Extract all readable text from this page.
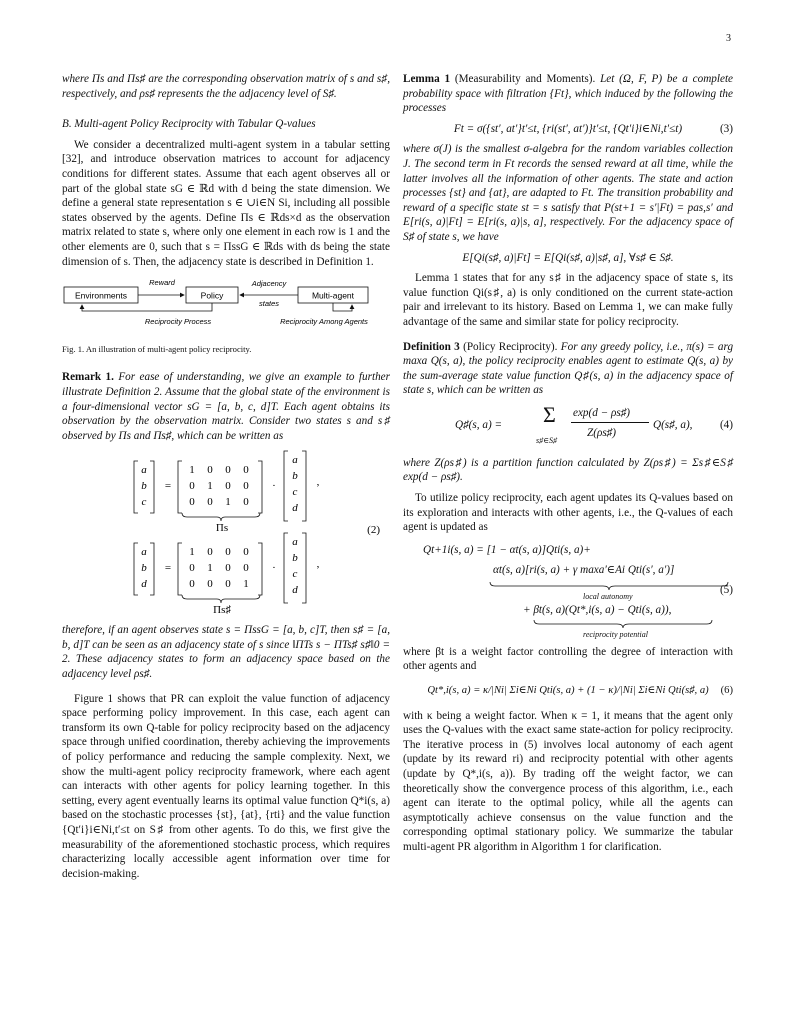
3

where Πs and Πs♯ are the corresponding observation matrix of s and s♯, respectively, and ρs♯ represents the the adjacency level of S♯.

B. Multi-agent Policy Reciprocity with Tabular Q-values

We consider a decentralized multi-agent system in a tabular setting [32], and introduce observation matrices to account for adjacency conditions for different states. Assume that each agent observes all or part of the global state sG ∈ ℝd with d being the state dimension. We define a general state representation s ∈ ∪i∈N Si, including all possible states observed by the agents. Define Πs ∈ ℝds×d as the observation matrix related to state s, where only one element in each row is 1 and the other elements are 0, such that s = ΠssG ∈ ℝds with ds being the state dimension of s. Then, the adjacency state is described in Definition 1.

Environments	Policy	Multi-agent
Reward	Adjacency
states
Reciprocity Process	Reciprocity Among Agents

Fig. 1. An illustration of multi-agent policy reciprocity.

Remark 1. For ease of understanding, we give an example to further illustrate Definition 2. Assume that the global state of the environment is a four-dimensional vector sG = [a, b, c, d]T. Each agent obtains its observation by the observation matrix. Consider two states s and s♯ observed by Πs and Πs♯, which can be written as

a
b
c
=
1 0 0 0
0 1 0 0
0 0 1 0
·
a
b
c
d
,
Πs
a
b
d
=
1 0 0 0
0 1 0 0
0 0 0 1
·
a
b
c
d
,
Πs♯
(2)

therefore, if an agent observes state s = ΠssG = [a, b, c]T, then s♯ = [a, b, d]T can be seen as an adjacency state of s since ‖ΠTs s − ΠTs♯ s♯‖0 = 2. These adjacency states to form an adjacency space based on the adjacency level ρs♯.

Figure 1 shows that PR can exploit the value function of adjacency space performing policy improvement. In this case, each agent can transform its own Q-table for policy reciprocity based on the adjacency space through unified coordination, thereby achieving the improvements of policy performance and reducing the sample complexity. Next, we show the multi-agent policy reciprocity framework, where each agent can interacts with other agents for policy learning together. In this setting, every agent eventually learns its optimal value function Q*i(s, a) based on the stochastic processes {st}, {at}, {rti} and the value function {Qt′i}i∈Ni,t′≤t on S♯ from other agents. To do this, we first give the measurability of the aforementioned stochastic process, which requires characterizing locally accessible agent information over time for decision-making.

Lemma 1 (Measurability and Moments). Let (Ω, F, P) be a complete probability space with filtration {Ft}, which induced by the following the processes

Ft = σ({st′, at′}t′≤t, {ri(st′, at′)}t′≤t, {Qt′i}i∈Ni,t′≤t)	(3)

where σ(J) is the smallest σ-algebra for the random variables collection J. The second term in Ft records the sensed reward at all time, while the latter involves all the information of other agents. The state and action processes {st} and {at}, are adapted to Ft. The transition probability and reward of a specific state st = s satisfy that P(st+1 = s′|Ft) = pas,s′ and E[ri(s, a)|Ft] = E[ri(s, a)|s, a], respectively. For the adjacency space of S♯ of state s, we have

E[Qi(s♯, a)|Ft] = E[Qi(s♯, a)|s♯, a], ∀s♯ ∈ S♯.

Lemma 1 states that for any s♯ in the adjacency space of state s, its value function Qi(s♯, a) is only conditioned on the current state-action pair and irrelevant to its history. Based on Lemma 1, we can make fully advantage of the same and similar state for policy reciprocity.

Definition 3 (Policy Reciprocity). For any greedy policy, i.e., π(s) = arg maxa Q(s, a), the policy reciprocity enables agent to estimate Q(s, a) by the sum-average state value function Q♯(s, a) in the adjacency space of state s, which can be written as

Q♯(s, a) = Σ
s♯∈S♯
exp(d − ρs♯)
Z(ρs♯)
Q(s♯, a), (4)

where Z(ρs♯) is a partition function calculated by Z(ρs♯) = Σs♯∈S♯ exp(d − ρs♯).

To utilize policy reciprocity, each agent updates its Q-values based on its exploration and interacts with other agents, i.e., the Q-values of each agent is updated as

Qt+1i(s, a) = [1 − αt(s, a)]Qti(s, a)+
αt(s, a)[ri(s, a) + γ maxa′∈Ai Qti(s′, a′)]
local autonomy
+ βt(s, a)(Qt*,i(s, a) − Qti(s, a)),
reciprocity potential
(5)

where βt is a weight factor controlling the degree of interaction with other agents and

Qt*,i(s, a) = κ/|Ni| Σi∈Ni Qti(s, a) + (1 − κ)/|Ni| Σi∈Ni Qti(s♯, a) (6)

with κ being a weight factor. When κ = 1, it means that the agent only uses the Q-values with the exact same state-action for policy reciprocity. The iterative process in (5) involves local autonomy of each agent (update by its reward ri) and reciprocity potential with other agents (update by Q*,i(s, a)). By trading off the weight factor, we can theoretically show the convergence process of this algorithm, i.e., each agent can iterate to the optimal policy, while all the agents can asymptotically achieve consensus on the value function and the corresponding optimal stationary policy. We summarize the tabular multi-agent PR algorithm in Algorithm 1 for clarification.
